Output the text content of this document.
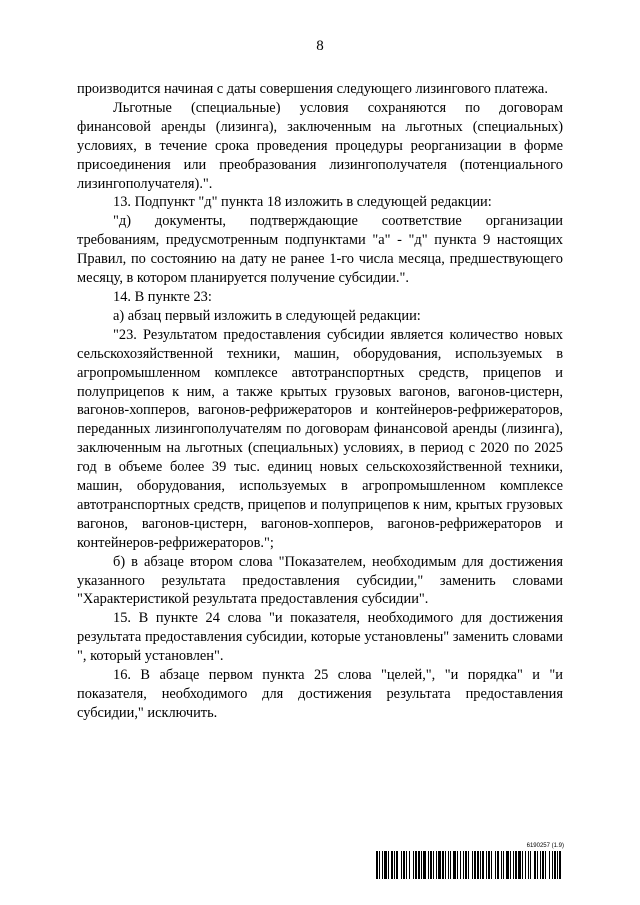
8

производится начиная с даты совершения следующего лизингового платежа.

Льготные (специальные) условия сохраняются по договорам финансовой аренды (лизинга), заключенным на льготных (специальных) условиях, в течение срока проведения процедуры реорганизации в форме присоединения или преобразования лизингополучателя (потенциального лизингополучателя).".

13. Подпункт "д" пункта 18 изложить в следующей редакции:

"д) документы, подтверждающие соответствие организации требованиям, предусмотренным подпунктами "а" - "д" пункта 9 настоящих Правил, по состоянию на дату не ранее 1-го числа месяца, предшествующего месяцу, в котором планируется получение субсидии.".

14. В пункте 23:

а) абзац первый изложить в следующей редакции:

"23. Результатом предоставления субсидии является количество новых сельскохозяйственной техники, машин, оборудования, используемых в агропромышленном комплексе автотранспортных средств, прицепов и полуприцепов к ним, а также крытых грузовых вагонов, вагонов-цистерн, вагонов-хопперов, вагонов-рефрижераторов и контейнеров-рефрижераторов, переданных лизингополучателям по договорам финансовой аренды (лизинга), заключенным на льготных (специальных) условиях, в период с 2020 по 2025 год в объеме более 39 тыс. единиц новых сельскохозяйственной техники, машин, оборудования, используемых в агропромышленном комплексе автотранспортных средств, прицепов и полуприцепов к ним, крытых грузовых вагонов, вагонов-цистерн, вагонов-хопперов, вагонов-рефрижераторов и контейнеров-рефрижераторов.";

б) в абзаце втором слова "Показателем, необходимым для достижения указанного результата предоставления субсидии," заменить словами "Характеристикой результата предоставления субсидии".

15. В пункте 24 слова "и показателя, необходимого для достижения результата предоставления субсидии, которые установлены" заменить словами ", который установлен".

16. В абзаце первом пункта 25 слова "целей,", "и порядка" и "и показателя, необходимого для достижения результата предоставления субсидии," исключить.

6190257 (1.9)
